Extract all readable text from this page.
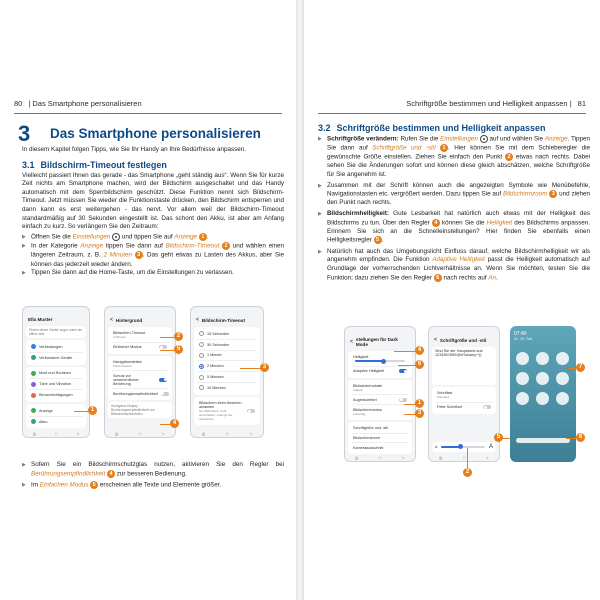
80 | Das Smartphone personalisieren
3 Das Smartphone personalisieren
In diesem Kapitel folgen Tipps, wie Sie Ihr Handy an Ihre Bedürfnisse anpassen.
3.1 Bildschirm-Timeout festlegen
Vielleicht passiert Ihnen das gerade - das Smartphone „geht ständig aus“. Wenn Sie für kurze Zeit nichts am Smartphone machen, wird der Bildschirm ausgeschaltet und das Handy automatisch mit dem Sperrbildschirm geschützt. Diese Funktion nennt sich Bildschirm-Timeout. Jetzt müssen Sie wieder die Funktionstaste drücken, den Bildschirm entsperren und dann kann es erst weitergehen - das nervt. Vor allem weil der Bildschirm-Timeout standardmäßig auf 30 Sekunden eingestellt ist. Das schont den Akku, ist aber am Anfang einfach zu kurz. So verlängern Sie den Zeitraum:
▶ Öffnen Sie die Einstellungen  und tippen Sie auf Anzeige 1 .
▶ In der Kategorie Anzeige tippen Sie dann auf Bildschirm-Timeout 2 und wählen einen längeren Zeitraum, z. B. 2 Minuten 3 . Das geht etwas zu Lasten des Akkus, aber Sie können das jederzeit wieder ändern.
▶ Tippen Sie dann auf die Home-Taste, um die Einstellungen zu verlassen.
Ella Muster
Finden dieser Geräte sogar, wenn sie offline sind
Verbindungen
Verbundene Geräte
Modi und Routinen
Töne und Vibration
Benachrichtigungen
Anzeige
Akku
|||	□	<
< Hintergrund
Bildschirm-Timeout
2 Minuten
Einfacher Modus
Navigationsleiste
Tasten/Gesten
Schutz vor versehentlicher Berührung
Berührungsempfindlichkeit
Hochglanz-Display Berührungsempfindlichkeit von Bildschirmschutzfolien
|||	□	<
< Bildschirm-Timeout
15 Sekunden
30 Sekunden
1 Minute
2 Minuten
5 Minuten
10 Minuten
Bildschirm beim Ansehen anlassen
Den Bildschirm nicht ausschalten, solange Sie draufsehen.
|||	□	<
1
2
3
4
5
▶ Sofern Sie ein Bildschirmschutzglas nutzen, aktivieren Sie den Regler bei Berührungsempfindlichkeit 4 zur besseren Bedienung.
▶ Im Einfachen Modus 5 erscheinen alle Texte und Elemente größer.
Schriftgröße bestimmen und Helligkeit anpassen | 81
3.2 Schriftgröße bestimmen und Helligkeit anpassen
▶ Schriftgröße verändern: Rufen Sie die Einstellungen  auf und wählen Sie Anzeige. Tippen Sie dann auf Schriftgröße und -stil 1 . Hier können Sie mit dem Schieberegler die gewünschte Größe einstellen. Ziehen Sie einfach den Punkt 2 etwas nach rechts. Dabei sehen Sie die Änderungen sofort und können diese gleich abschätzen, welche Schriftgröße für Sie angenehm ist.
▶ Zusammen mit der Schrift können auch die angezeigten Symbole wie Menübefehle, Navigationstasten etc. vergrößert werden. Dazu tippen Sie auf Bildschirmzoom 3 und ziehen den Punkt nach rechts.
▶ Bildschirmhelligkeit: Gute Lesbarkeit hat natürlich auch etwas mit der Helligkeit des Bildschirms zu tun. Über den Regler 4 können Sie die Helligkeit des Bildschirms anpassen. Erinnern Sie sich an die Schnelleinstellungen? Hier finden Sie ebenfalls einen Helligkeitsregler 5 .
▶ Natürlich hat auch das Umgebungslicht Einfluss darauf, welche Bildschirmhelligkeit wir als angenehm empfinden. Die Funktion Adaptive Helligkeit passt die Helligkeit automatisch auf Grundlage der vorherrschenden Lichtverhältnisse an. Wenn Sie möchten, testen Sie die Funktion; dazu ziehen Sie den Regler 6 nach rechts auf An.
< stellungen für Dark Mode
Helligkeit
Adaptive Helligkeit
Bildwiederholrate
Adaptiv
Augenkomfort
Bildschirmmodus
Lebendig
Schriftgröße und -stil
Bildschirmzoom
Kameraausschnitt
|||	□	<
< Schriftgröße und -stil
Sind Sie der Hauptdarst aus 1234567890!@#%&amp;*()
Schriftart
Standard
Fette Schriftart
A	A
|||	□	<
07:40
Di., 20. Feb.
1
2
3
4
5
6	7
8
